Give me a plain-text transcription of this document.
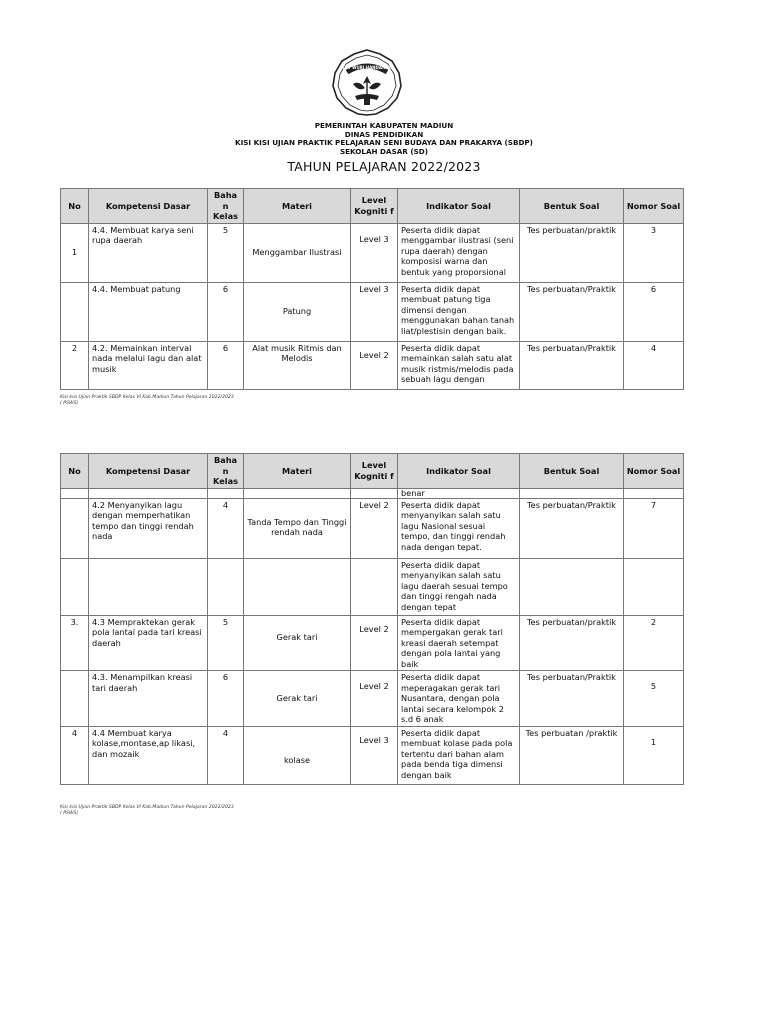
TUT WURI HANDAYANI
PEMERINTAH KABUPATEN MADIUN
DINAS PENDIDIKAN
KISI KISI UJIAN PRAKTIK PELAJARAN SENI BUDAYA DAN PRAKARYA (SBDP)
SEKOLAH DASAR (SD)
TAHUN PELAJARAN 2022/2023
No	Kompetensi Dasar	Baha n Kelas	Materi	Level Kogniti f	Indikator Soal	Bentuk Soal	Nomor Soal
1	4.4. Membuat karya seni rupa daerah	5	Menggambar Ilustrasi	Level 3	Peserta didik dapat menggambar ilustrasi (seni rupa daerah) dengan komposisi warna dan bentuk yang proporsional	Tes perbuatan/praktik	3
	4.4. Membuat patung	6	Patung	Level 3	Peserta didik dapat membuat patung tiga dimensi dengan menggunakan bahan tanah liat/plestisin dengan baik.	Tes perbuatan/Praktik	6
2	4.2. Memainkan interval nada melalui lagu dan alat musik	6	Alat musik Ritmis dan Melodis	Level 2	Peserta didik dapat memainkan salah satu alat musik ristmis/melodis pada sebuah lagu dengan	Tes perbuatan/Praktik	4
Kisi kisi Ujian Praktik SBDP Kelas VI Kab.Madiun Tahun Pelajaran 2022/2023
( PSWS)
No	Kompetensi Dasar	Baha n Kelas	Materi	Level Kogniti f	Indikator Soal	Bentuk Soal	Nomor Soal
					benar		
	4.2 Menyanyikan lagu dengan memperhatikan tempo dan tinggi rendah nada	4	Tanda Tempo dan Tinggi rendah nada	Level 2	Peserta didik dapat menyanyikan salah satu lagu Nasional sesuai tempo, dan tinggi rendah nada dengan tepat.	Tes perbuatan/Praktik	7
					Peserta didik dapat menyanyikan salah satu lagu daerah sesuai tempo dan tinggi rengah nada dengan tepat		
3.	4.3 Mempraktekan gerak pola lantai pada tari kreasi daerah	5	Gerak tari	Level 2	Peserta didik dapat mempergakan gerak tari kreasi daerah setempat dengan pola lantai yang baik	Tes perbuatan/praktik	2
	4.3. Menampilkan kreasi tari daerah	6	Gerak tari	Level 2	Peserta didik dapat meperagakan gerak tari Nusantara, dengan pola lantai secara kelompok 2 s.d 6 anak	Tes perbuatan/Praktik	5
4	4.4 Membuat karya kolase,montase,ap likasi, dan mozaik	4	kolase	Level 3	Peserta didik dapat membuat kolase pada pola tertentu dari bahan alam pada benda tiga dimensi dengan baik	Tes perbuatan /praktik	1
Kisi kisi Ujian Praktik SBDP Kelas VI Kab.Madiun Tahun Pelajaran 2022/2023
( PSWS)
